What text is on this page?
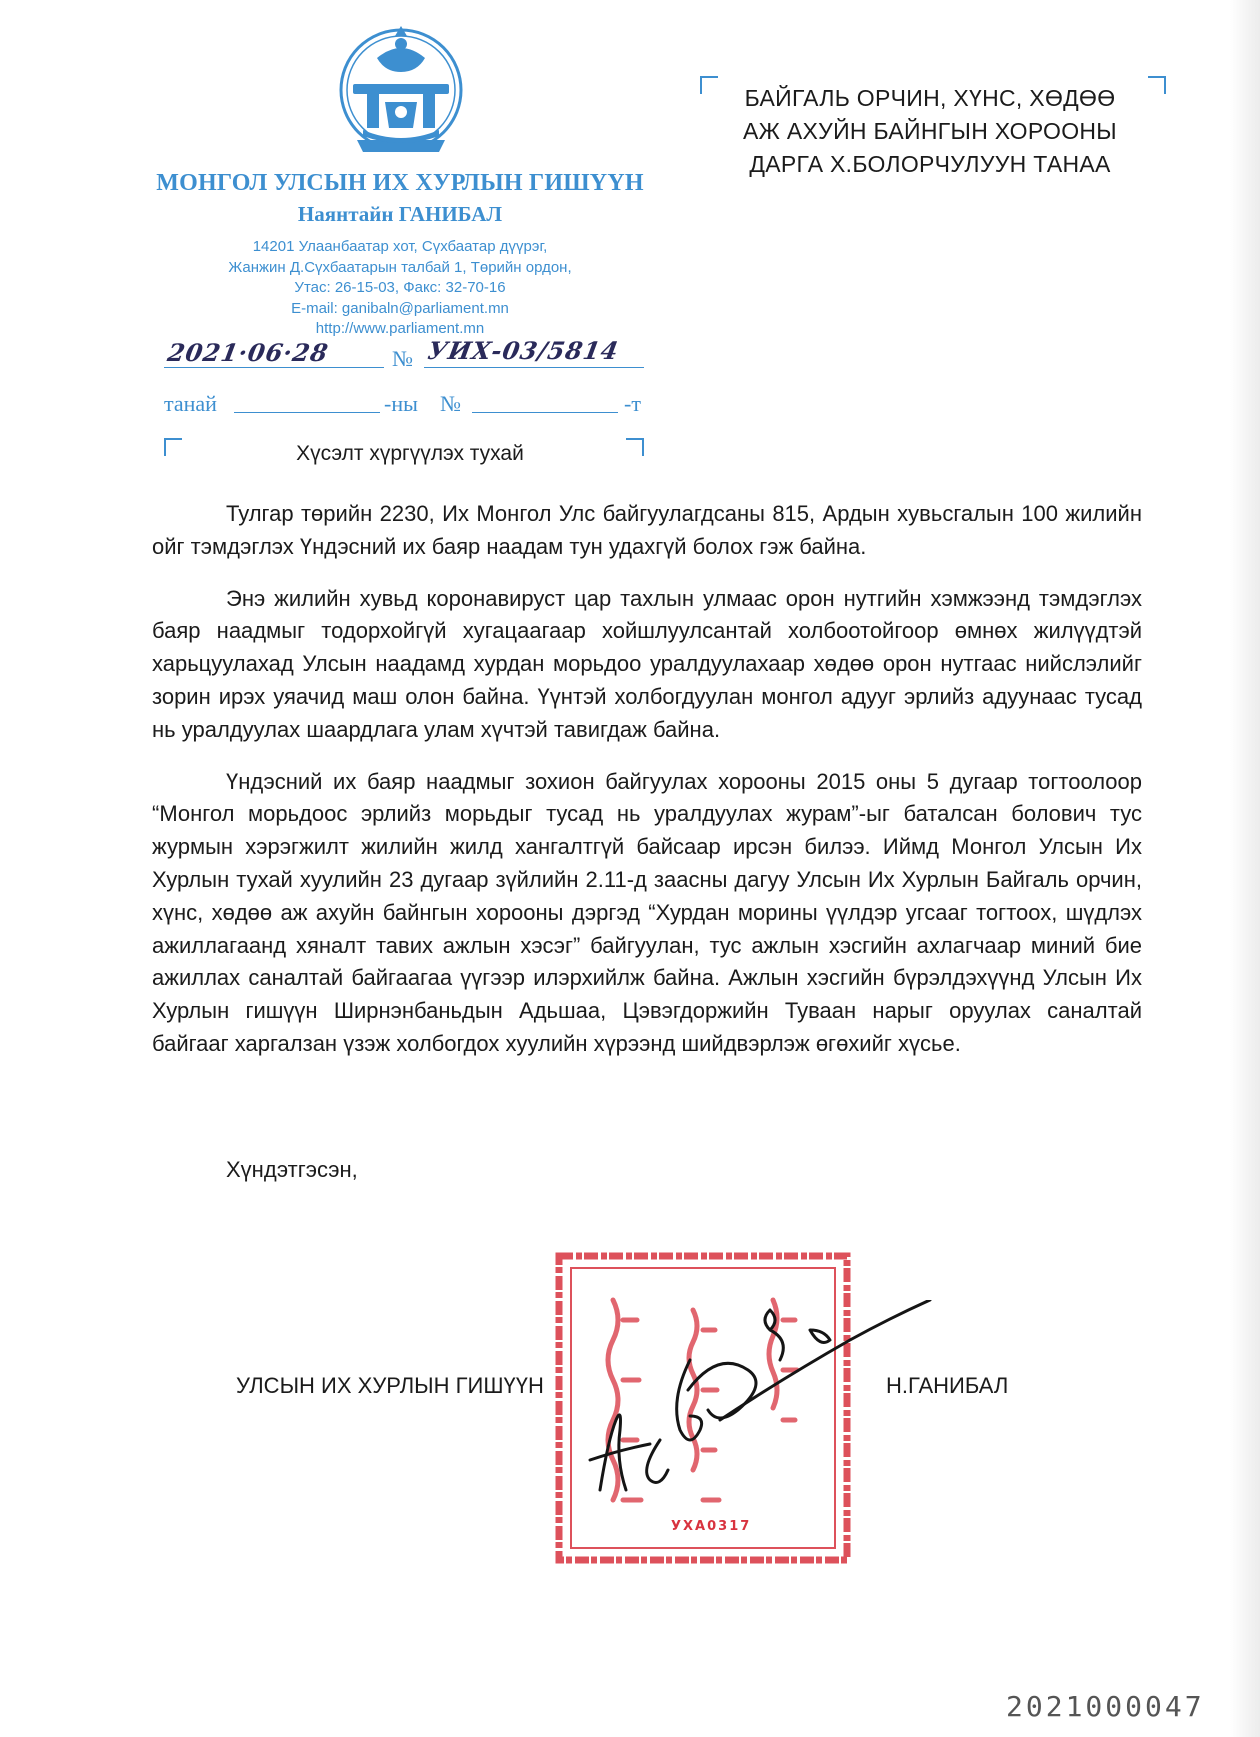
МОНГОЛ УЛСЫН ИХ ХУРЛЫН ГИШҮҮН
Наянтайн ГАНИБАЛ
14201 Улаанбаатар хот, Сүхбаатар дүүрэг,
Жанжин Д.Сүхбаатарын талбай 1, Төрийн ордон,
Утас: 26-15-03, Факс: 32-70-16
E-mail: ganibaln@parliament.mn
http://www.parliament.mn
2021·06·28	№ УИХ-03/5814
танай	-ны №	-т
Хүсэлт хүргүүлэх тухай
БАЙГАЛЬ ОРЧИН, ХҮНС, ХӨДӨӨ
АЖ АХУЙН БАЙНГЫН ХОРООНЫ
ДАРГА Х.БОЛОРЧУЛУУН ТАНАА

Тулгар төрийн 2230, Их Монгол Улс байгуулагдсаны 815, Ардын хувьсгалын 100 жилийн ойг тэмдэглэх Үндэсний их баяр наадам тун удахгүй болох гэж байна.

Энэ жилийн хувьд коронавируст цар тахлын улмаас орон нутгийн хэмжээнд тэмдэглэх баяр наадмыг тодорхойгүй хугацаагаар хойшлуулсантай холбоотойгоор өмнөх жилүүдтэй харьцуулахад Улсын наадамд хурдан морьдоо уралдуулахаар хөдөө орон нутгаас нийслэлийг зорин ирэх уяачид маш олон байна. Үүнтэй холбогдуулан монгол адууг эрлийз адуунаас тусад нь уралдуулах шаардлага улам хүчтэй тавигдаж байна.

Үндэсний их баяр наадмыг зохион байгуулах хорооны 2015 оны 5 дугаар тогтоолоор “Монгол морьдоос эрлийз морьдыг тусад нь уралдуулах журам”-ыг баталсан болович тус журмын хэрэгжилт жилийн жилд хангалтгүй байсаар ирсэн билээ. Иймд Монгол Улсын Их Хурлын тухай хуулийн 23 дугаар зүйлийн 2.11-д заасны дагуу Улсын Их Хурлын Байгаль орчин, хүнс, хөдөө аж ахуйн байнгын хорооны дэргэд “Хурдан морины үүлдэр угсааг тогтоох, шүдлэх ажиллагаанд хяналт тавих ажлын хэсэг” байгуулан, тус ажлын хэсгийн ахлагчаар миний бие ажиллах саналтай байгаагаа үүгээр илэрхийлж байна. Ажлын хэсгийн бүрэлдэхүүнд Улсын Их Хурлын гишүүн Ширнэнбаньдын Адьшаа, Цэвэгдоржийн Туваан нарыг оруулах саналтай байгааг харгалзан үзэж холбогдох хуулийн хүрээнд шийдвэрлэж өгөхийг хүсье.

Хүндэтгэсэн,
УХА0317
УЛСЫН ИХ ХУРЛЫН ГИШҮҮН	Н.ГАНИБАЛ
2021000047
